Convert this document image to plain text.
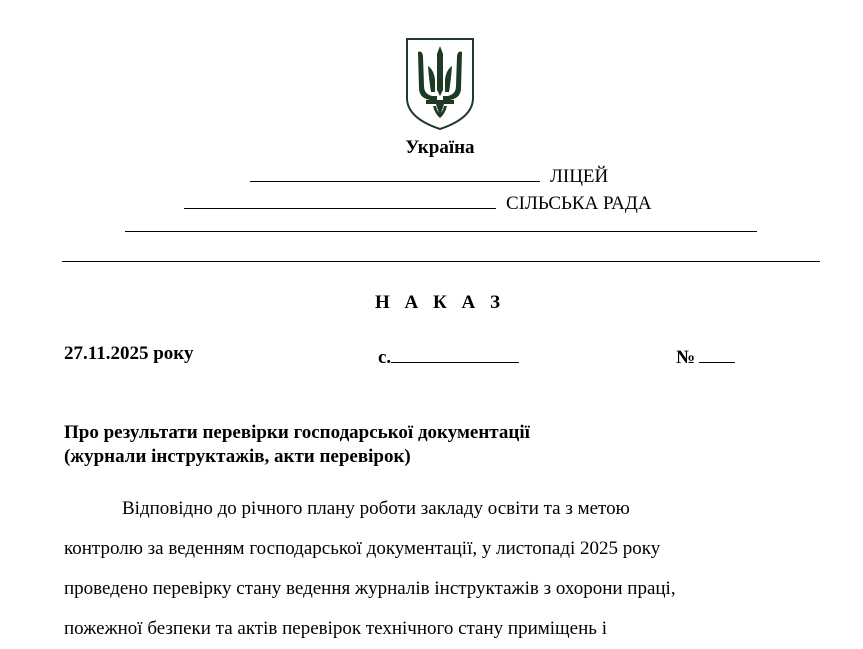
Україна
ЛІЦЕЙ
СІЛЬСЬКА РАДА
Н А К А З
27.11.2025 року	с.	№
Про результати перевірки господарської документації
(журнали інструктажів, акти перевірок)
Відповідно до річного плану роботи закладу освіти та з метою
контролю за веденням господарської документації, у листопаді 2025 року
проведено перевірку стану ведення журналів інструктажів з охорони праці,
пожежної безпеки та актів перевірок технічного стану приміщень і
